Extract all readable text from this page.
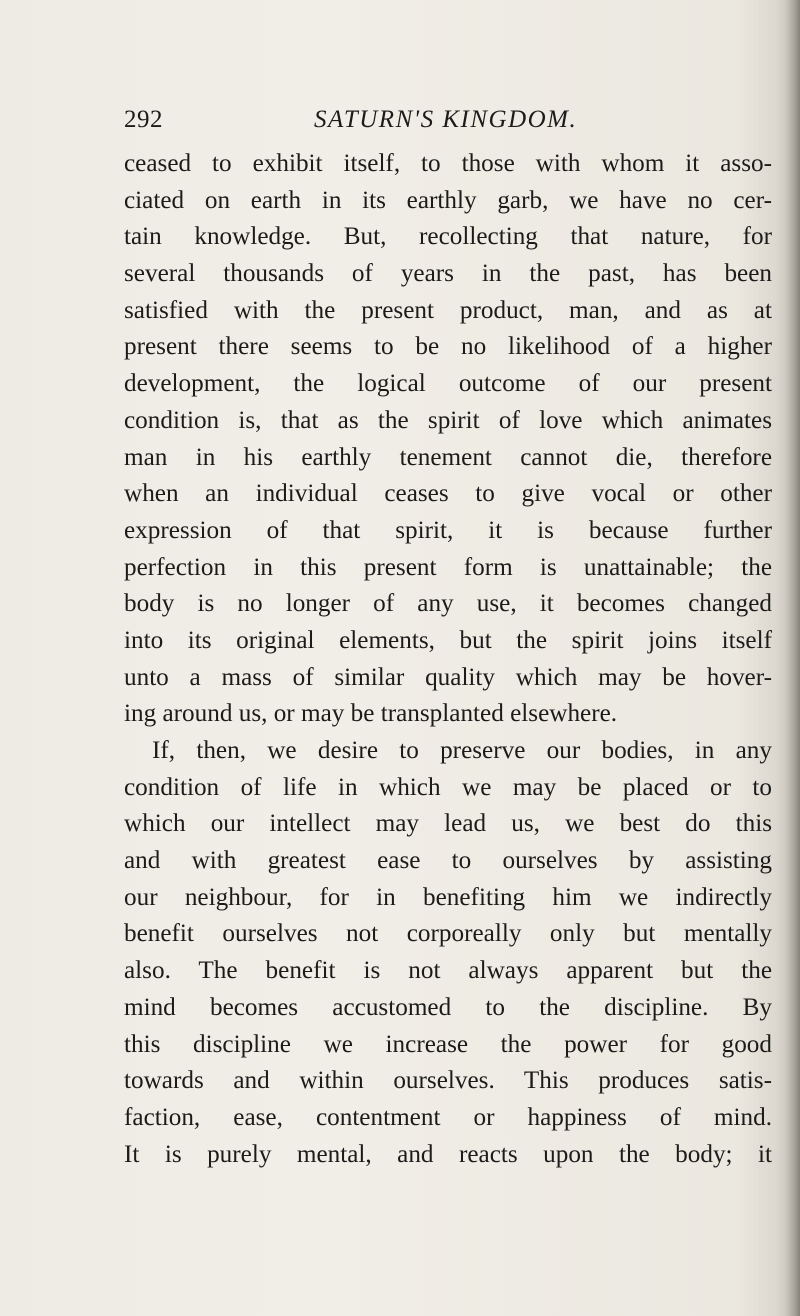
292	SATURN'S KINGDOM.
ceased to exhibit itself, to those with whom it asso-
ciated on earth in its earthly garb, we have no cer-
tain knowledge. But, recollecting that nature, for
several thousands of years in the past, has been
satisfied with the present product, man, and as at
present there seems to be no likelihood of a higher
development, the logical outcome of our present
condition is, that as the spirit of love which animates
man in his earthly tenement cannot die, therefore
when an individual ceases to give vocal or other
expression of that spirit, it is because further
perfection in this present form is unattainable; the
body is no longer of any use, it becomes changed
into its original elements, but the spirit joins itself
unto a mass of similar quality which may be hover-
ing around us, or may be transplanted elsewhere.
If, then, we desire to preserve our bodies, in any
condition of life in which we may be placed or to
which our intellect may lead us, we best do this
and with greatest ease to ourselves by assisting
our neighbour, for in benefiting him we indirectly
benefit ourselves not corporeally only but mentally
also. The benefit is not always apparent but the
mind becomes accustomed to the discipline. By
this discipline we increase the power for good
towards and within ourselves. This produces satis-
faction, ease, contentment or happiness of mind.
It is purely mental, and reacts upon the body; it
